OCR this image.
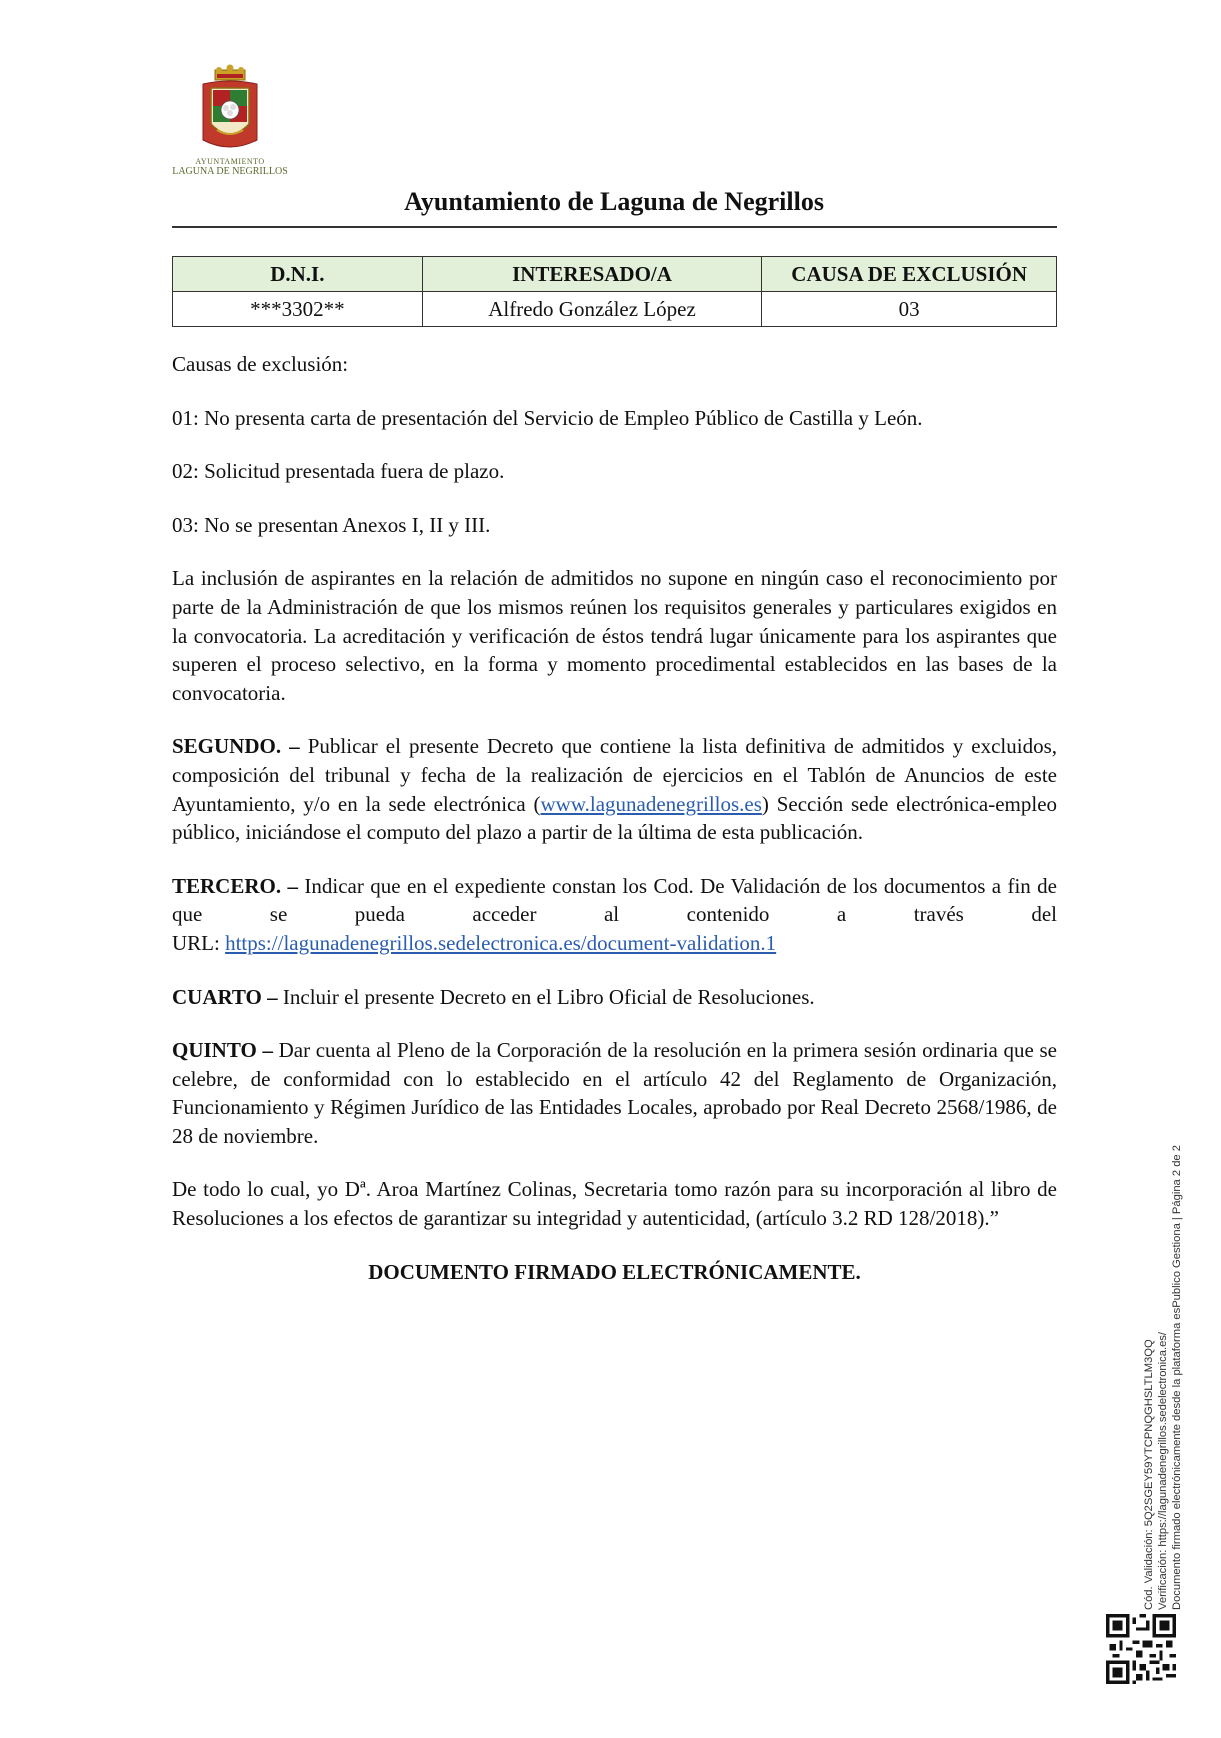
AYUNTAMIENTO
LAGUNA DE NEGRILLOS
Ayuntamiento de Laguna de Negrillos
D.N.I.	INTERESADO/A	CAUSA DE EXCLUSIÓN
***3302**	Alfredo González López	03

Causas de exclusión:

01: No presenta carta de presentación del Servicio de Empleo Público de Castilla y León.

02: Solicitud presentada fuera de plazo.

03: No se presentan Anexos I, II y III.

La inclusión de aspirantes en la relación de admitidos no supone en ningún caso el reconocimiento por parte de la Administración de que los mismos reúnen los requisitos generales y particulares exigidos en la convocatoria. La acreditación y verificación de éstos tendrá lugar únicamente para los aspirantes que superen el proceso selectivo, en la forma y momento procedimental establecidos en las bases de la convocatoria.

SEGUNDO. – Publicar el presente Decreto que contiene la lista definitiva de admitidos y excluidos, composición del tribunal y fecha de la realización de ejercicios en el Tablón de Anuncios de este Ayuntamiento, y/o en la sede electrónica (www.lagunadenegrillos.es) Sección sede electrónica-empleo público, iniciándose el computo del plazo a partir de la última de esta publicación.

TERCERO. – Indicar que en el expediente constan los Cod. De Validación de los documentos a fin de que se pueda acceder al contenido a través del

URL: https://lagunadenegrillos.sedelectronica.es/document-validation.1

CUARTO – Incluir el presente Decreto en el Libro Oficial de Resoluciones.

QUINTO – Dar cuenta al Pleno de la Corporación de la resolución en la primera sesión ordinaria que se celebre, de conformidad con lo establecido en el artículo 42 del Reglamento de Organización, Funcionamiento y Régimen Jurídico de las Entidades Locales, aprobado por Real Decreto 2568/1986, de 28 de noviembre.

De todo lo cual, yo Dª. Aroa Martínez Colinas, Secretaria tomo razón para su incorporación al libro de Resoluciones a los efectos de garantizar su integridad y autenticidad, (artículo 3.2 RD 128/2018).”

DOCUMENTO FIRMADO ELECTRÓNICAMENTE.

Cód. Validación: 5Q2SGEY59YTCPNQGHSLTLM3QQ Verificación: https://lagunadenegrillos.sedelectronica.es/ Documento firmado electrónicamente desde la plataforma esPublico Gestiona | Página 2 de 2
